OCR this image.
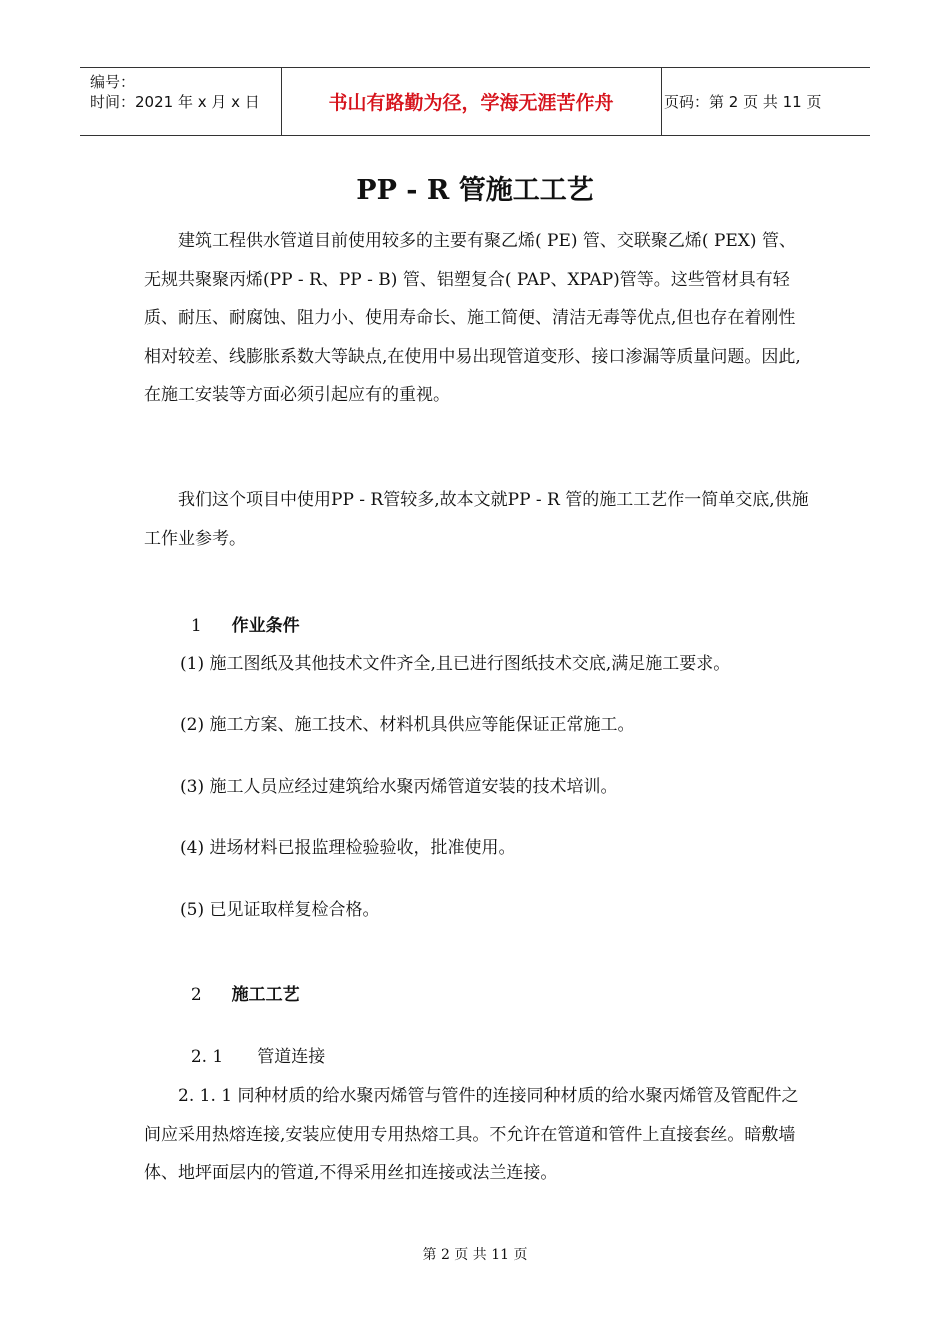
编号：
时间：2021 年 x 月 x 日	书山有路勤为径，学海无涯苦作舟	页码：第 2 页 共 11 页
PP - R 管施工工艺

建筑工程供水管道目前使用较多的主要有聚乙烯( PE) 管、交联聚乙烯( PEX) 管、无规共聚聚丙烯(PP - R、PP - B) 管、铝塑复合( PAP、XPAP)管等。这些管材具有轻质、耐压、耐腐蚀、阻力小、使用寿命长、施工简便、清洁无毒等优点,但也存在着刚性相对较差、线膨胀系数大等缺点,在使用中易出现管道变形、接口渗漏等质量问题。因此,在施工安装等方面必须引起应有的重视。

我们这个项目中使用PP - R管较多,故本文就PP - R 管的施工工艺作一简单交底,供施工作业参考。

1 作业条件

(1) 施工图纸及其他技术文件齐全,且已进行图纸技术交底,满足施工要求。
(2) 施工方案、施工技术、材料机具供应等能保证正常施工。
(3) 施工人员应经过建筑给水聚丙烯管道安装的技术培训。
(4) 进场材料已报监理检验验收，批准使用。
(5) 已见证取样复检合格。

2 施工工艺

2. 1 管道连接

2. 1. 1 同种材质的给水聚丙烯管与管件的连接同种材质的给水聚丙烯管及管配件之间应采用热熔连接,安装应使用专用热熔工具。不允许在管道和管件上直接套丝。暗敷墙体、地坪面层内的管道,不得采用丝扣连接或法兰连接。

第 2 页 共 11 页
